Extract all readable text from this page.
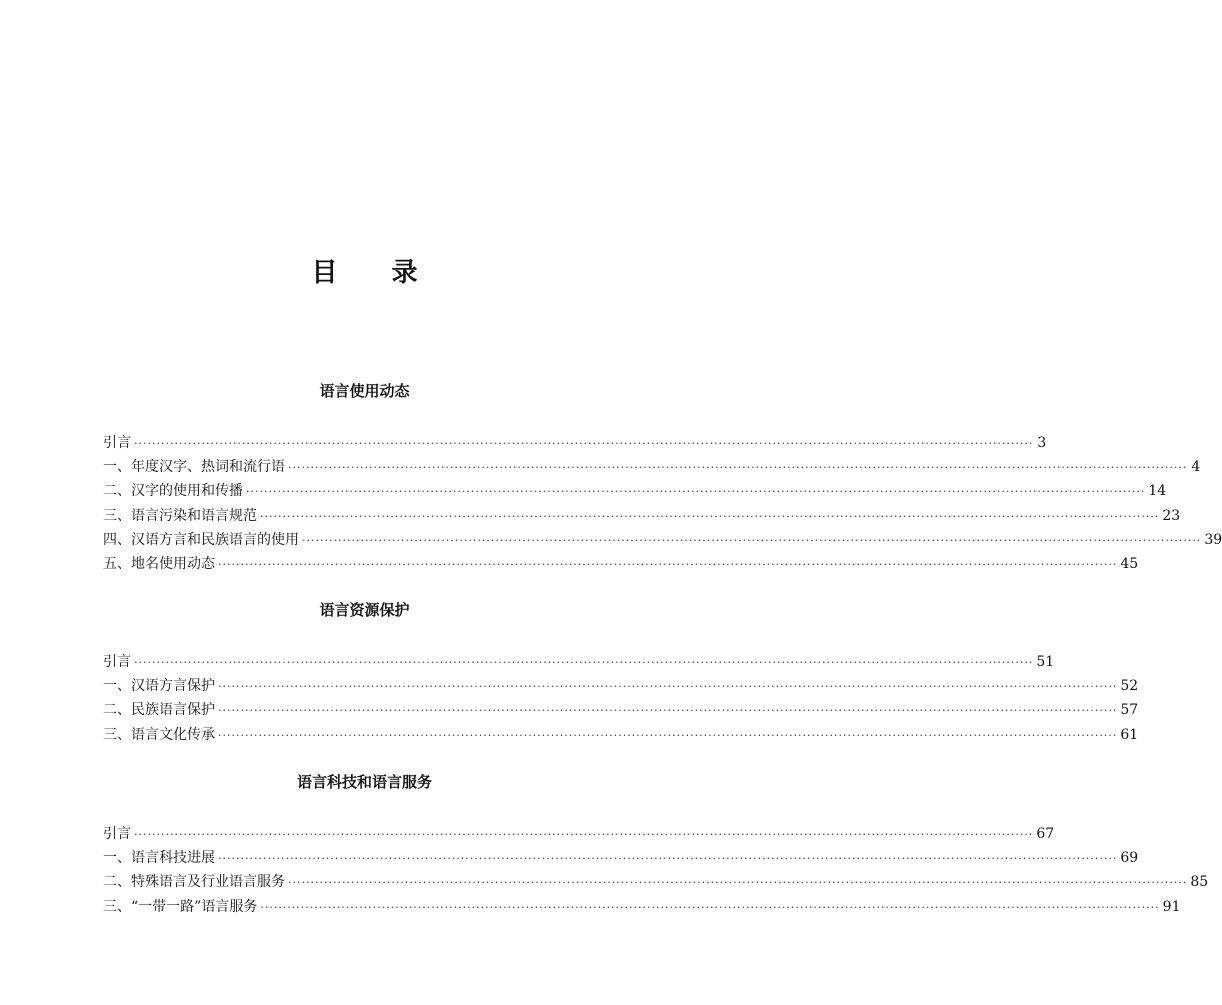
目 录
语言使用动态
引言 ········································································································································································································ 3
一、年度汉字、热词和流行语 ········································································································································································································ 4
二、汉字的使用和传播 ········································································································································································································ 14
三、语言污染和语言规范 ········································································································································································································ 23
四、汉语方言和民族语言的使用 ········································································································································································································ 39
五、地名使用动态 ········································································································································································································ 45
语言资源保护
引言 ········································································································································································································ 51
一、汉语方言保护 ········································································································································································································ 52
二、民族语言保护 ········································································································································································································ 57
三、语言文化传承 ········································································································································································································ 61
语言科技和语言服务
引言 ········································································································································································································ 67
一、语言科技进展 ········································································································································································································ 69
二、特殊语言及行业语言服务 ········································································································································································································ 85
三、“一带一路”语言服务 ········································································································································································································ 91
